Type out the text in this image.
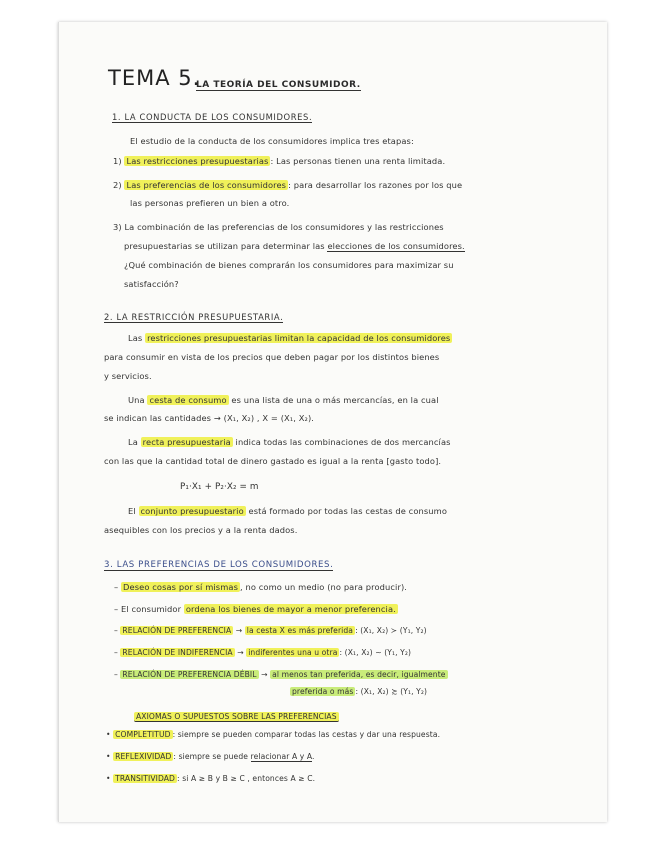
TEMA 5.
LA TEORÍA DEL CONSUMIDOR.
1. LA CONDUCTA DE LOS CONSUMIDORES.
El estudio de la conducta de los consumidores implica tres etapas:
1) Las restricciones presupuestarias : Las personas tienen una renta limitada.
2) Las preferencias de los consumidores : para desarrollar los razones por los que
las personas prefieren un bien a otro.
3) La combinación de las preferencias de los consumidores y las restricciones
presupuestarias se utilizan para determinar las elecciones de los consumidores.
¿Qué combinación de bienes comprarán los consumidores para maximizar su
satisfacción?
2. LA RESTRICCIÓN PRESUPUESTARIA.
Las restricciones presupuestarias limitan la capacidad de los consumidores
para consumir en vista de los precios que deben pagar por los distintos bienes
y servicios.
Una cesta de consumo es una lista de una o más mercancías, en la cual
se indican las cantidades → (X₁, X₂) , X = (X₁, X₂).
La recta presupuestaria indica todas las combinaciones de dos mercancías
con las que la cantidad total de dinero gastado es igual a la renta [gasto todo].
P₁·X₁ + P₂·X₂ = m
El conjunto presupuestario está formado por todas las cestas de consumo
asequibles con los precios y a la renta dados.
3. LAS PREFERENCIAS DE LOS CONSUMIDORES.
– Deseo cosas por sí mismas , no como un medio (no para producir).
– El consumidor ordena los bienes de mayor a menor preferencia.
– RELACIÓN DE PREFERENCIA → la cesta X es más preferida : (X₁, X₂) ≻ (Y₁, Y₂)
– RELACIÓN DE INDIFERENCIA → indiferentes una u otra : (X₁, X₂) ~ (Y₁, Y₂)
– RELACIÓN DE PREFERENCIA DÉBIL → al menos tan preferida, es decir, igualmente
preferida o más : (X₁, X₂) ≿ (Y₁, Y₂)
AXIOMAS O SUPUESTOS SOBRE LAS PREFERENCIAS
• COMPLETITUD : siempre se pueden comparar todas las cestas y dar una respuesta.
• REFLEXIVIDAD : siempre se puede relacionar A y A.
• TRANSITIVIDAD : si A ≥ B y B ≥ C , entonces A ≥ C.
